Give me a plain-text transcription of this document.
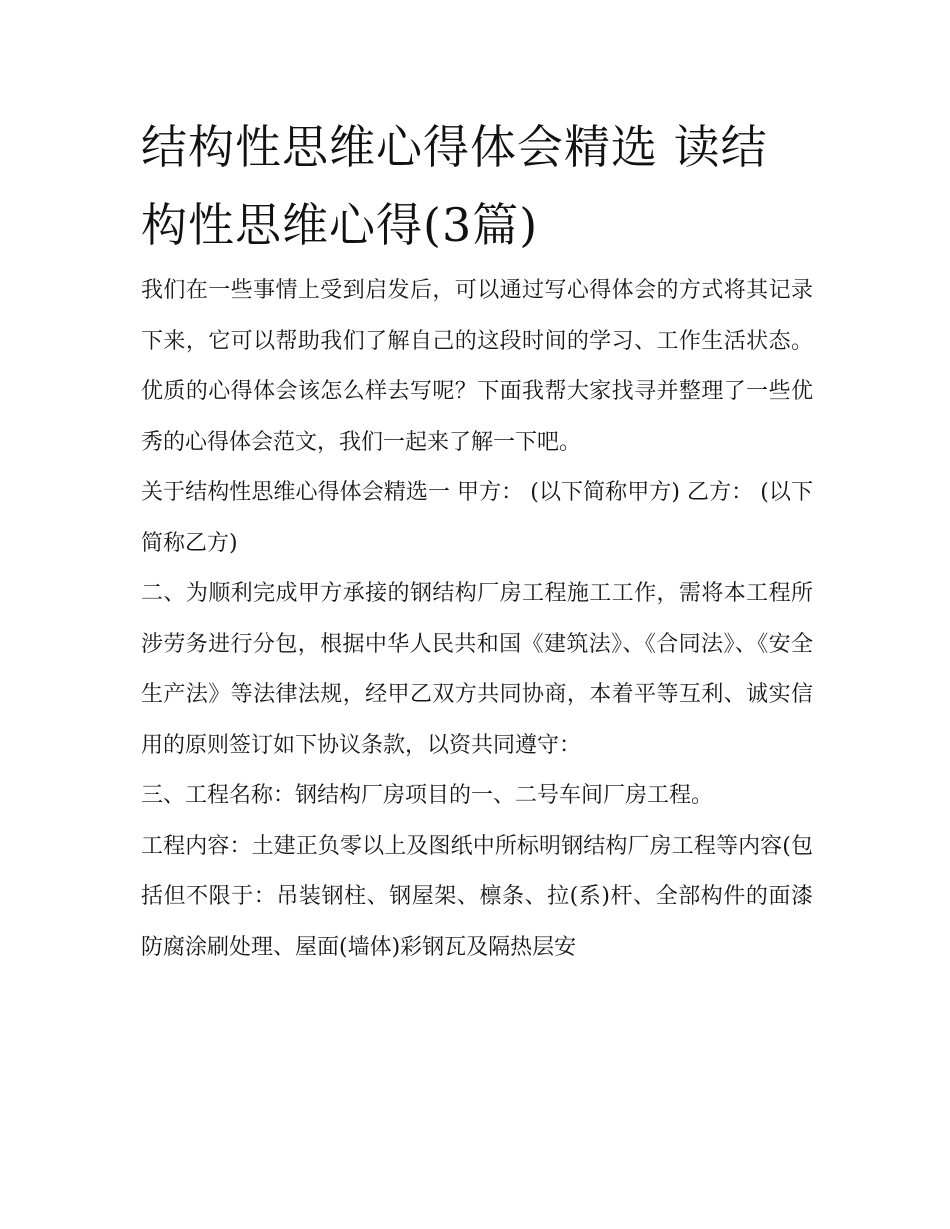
结构性思维心得体会精选 读结构性思维心得(3篇)

我们在一些事情上受到启发后，可以通过写心得体会的方式将其记录下来，它可以帮助我们了解自己的这段时间的学习、工作生活状态。优质的心得体会该怎么样去写呢？下面我帮大家找寻并整理了一些优秀的心得体会范文，我们一起来了解一下吧。

关于结构性思维心得体会精选一 甲方： (以下简称甲方) 乙方： (以下简称乙方)

二、为顺利完成甲方承接的钢结构厂房工程施工工作，需将本工程所涉劳务进行分包，根据中华人民共和国《建筑法》、《合同法》、《安全生产法》等法律法规，经甲乙双方共同协商，本着平等互利、诚实信用的原则签订如下协议条款，以资共同遵守：

三、工程名称：钢结构厂房项目的一、二号车间厂房工程。

工程内容：土建正负零以上及图纸中所标明钢结构厂房工程等内容(包括但不限于：吊装钢柱、钢屋架、檩条、拉(系)杆、全部构件的面漆防腐涂刷处理、屋面(墙体)彩钢瓦及隔热层安
